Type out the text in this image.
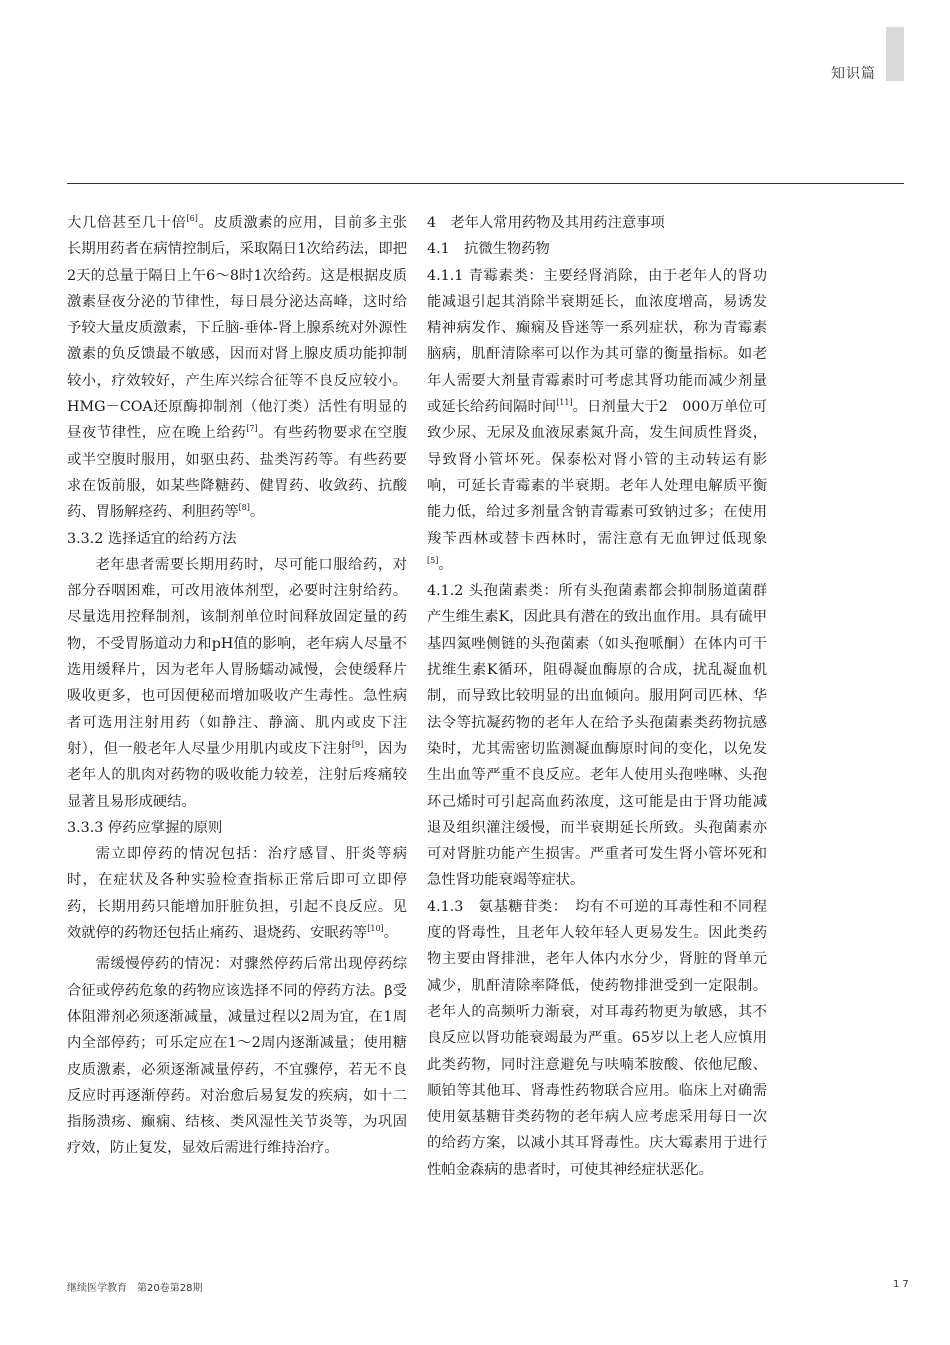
知识篇
大几倍甚至几十倍[6]。皮质激素的应用，目前多主张长期用药者在病情控制后，采取隔日1次给药法，即把2天的总量于隔日上午6～8时1次给药。这是根据皮质激素昼夜分泌的节律性，每日晨分泌达高峰，这时给予较大量皮质激素，下丘脑-垂体-肾上腺系统对外源性激素的负反馈最不敏感，因而对肾上腺皮质功能抑制较小，疗效较好，产生库兴综合征等不良反应较小。HMG－COA还原酶抑制剂（他汀类）活性有明显的昼夜节律性，应在晚上给药[7]。有些药物要求在空腹或半空腹时服用，如驱虫药、盐类泻药等。有些药要求在饭前服，如某些降糖药、健胃药、收敛药、抗酸药、胃肠解痉药、利胆药等[8]。
3.3.2 选择适宜的给药方法
老年患者需要长期用药时，尽可能口服给药，对部分吞咽困难，可改用液体剂型，必要时注射给药。尽量选用控释制剂，该制剂单位时间释放固定量的药物，不受胃肠道动力和pH值的影响，老年病人尽量不选用缓释片，因为老年人胃肠蠕动减慢，会使缓释片吸收更多，也可因便秘而增加吸收产生毒性。急性病者可选用注射用药（如静注、静滴、肌内或皮下注射），但一般老年人尽量少用肌内或皮下注射[9]，因为老年人的肌肉对药物的吸收能力较差，注射后疼痛较显著且易形成硬结。
3.3.3 停药应掌握的原则
需立即停药的情况包括：治疗感冒、肝炎等病时，在症状及各种实验检查指标正常后即可立即停药，长期用药只能增加肝脏负担，引起不良反应。见效就停的药物还包括止痛药、退烧药、安眠药等[10]。
需缓慢停药的情况：对骤然停药后常出现停药综合征或停药危象的药物应该选择不同的停药方法。β受体阻滞剂必须逐渐减量，减量过程以2周为宜，在1周内全部停药；可乐定应在1～2周内逐渐减量；使用糖皮质激素，必须逐渐减量停药，不宜骤停，若无不良反应时再逐渐停药。对治愈后易复发的疾病，如十二指肠溃疡、癫痫、结核、类风湿性关节炎等，为巩固疗效，防止复发，显效后需进行维持治疗。
4　老年人常用药物及其用药注意事项
4.1　抗微生物药物
4.1.1 青霉素类：主要经肾消除，由于老年人的肾功能减退引起其消除半衰期延长，血浓度增高，易诱发精神病发作、癫痫及昏迷等一系列症状，称为青霉素脑病，肌酐清除率可以作为其可靠的衡量指标。如老年人需要大剂量青霉素时可考虑其肾功能而减少剂量或延长给药间隔时间[11]。日剂量大于2　000万单位可致少尿、无尿及血液尿素氮升高，发生间质性肾炎，导致肾小管坏死。保泰松对肾小管的主动转运有影响，可延长青霉素的半衰期。老年人处理电解质平衡能力低，给过多剂量含钠青霉素可致钠过多；在使用羧苄西林或替卡西林时，需注意有无血钾过低现象[5]。
4.1.2 头孢菌素类：所有头孢菌素都会抑制肠道菌群产生维生素K，因此具有潜在的致出血作用。具有硫甲基四氮唑侧链的头孢菌素（如头孢哌酮）在体内可干扰维生素K循环，阻碍凝血酶原的合成，扰乱凝血机制，而导致比较明显的出血倾向。服用阿司匹林、华法令等抗凝药物的老年人在给予头孢菌素类药物抗感染时，尤其需密切监测凝血酶原时间的变化，以免发生出血等严重不良反应。老年人使用头孢唑啉、头孢环己烯时可引起高血药浓度，这可能是由于肾功能减退及组织灌注缓慢，而半衰期延长所致。头孢菌素亦可对肾脏功能产生损害。严重者可发生肾小管坏死和急性肾功能衰竭等症状。
4.1.3　氨基糖苷类：　均有不可逆的耳毒性和不同程度的肾毒性，且老年人较年轻人更易发生。因此类药物主要由肾排泄，老年人体内水分少，肾脏的肾单元减少，肌酐清除率降低，使药物排泄受到一定限制。老年人的高频听力渐衰，对耳毒药物更为敏感，其不良反应以肾功能衰竭最为严重。65岁以上老人应慎用此类药物，同时注意避免与呋喃苯胺酸、依他尼酸、顺铂等其他耳、肾毒性药物联合应用。临床上对确需使用氨基糖苷类药物的老年病人应考虑采用每日一次的给药方案，以减小其耳肾毒性。庆大霉素用于进行性帕金森病的患者时，可使其神经症状恶化。
继续医学教育　第20卷第28期	17
